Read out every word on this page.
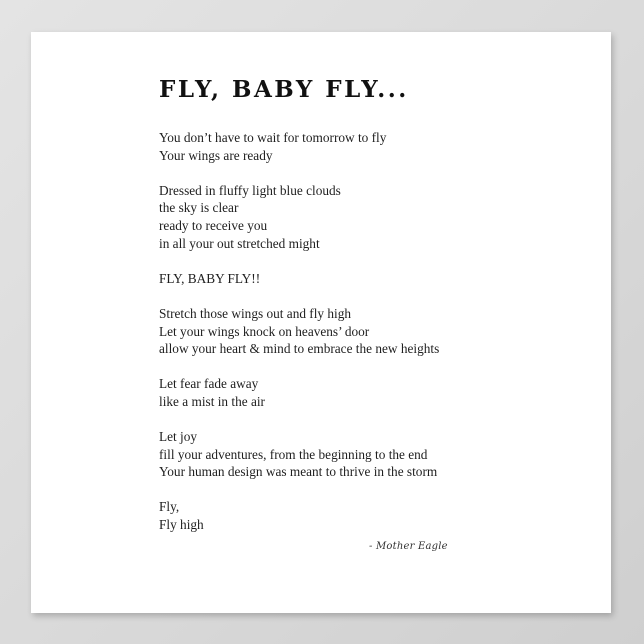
FLY, BABY FLY...

You don’t have to wait for tomorrow to fly
Your wings are ready

Dressed in fluffy light blue clouds
the sky is clear
ready to receive you
in all your out stretched might

FLY, BABY FLY!!

Stretch those wings out and fly high
Let your wings knock on heavens’ door
allow your heart & mind to embrace the new heights

Let fear fade away
like a mist in the air

Let joy
fill your adventures, from the beginning to the end
Your human design was meant to thrive in the storm

Fly,
Fly high

- Mother Eagle
